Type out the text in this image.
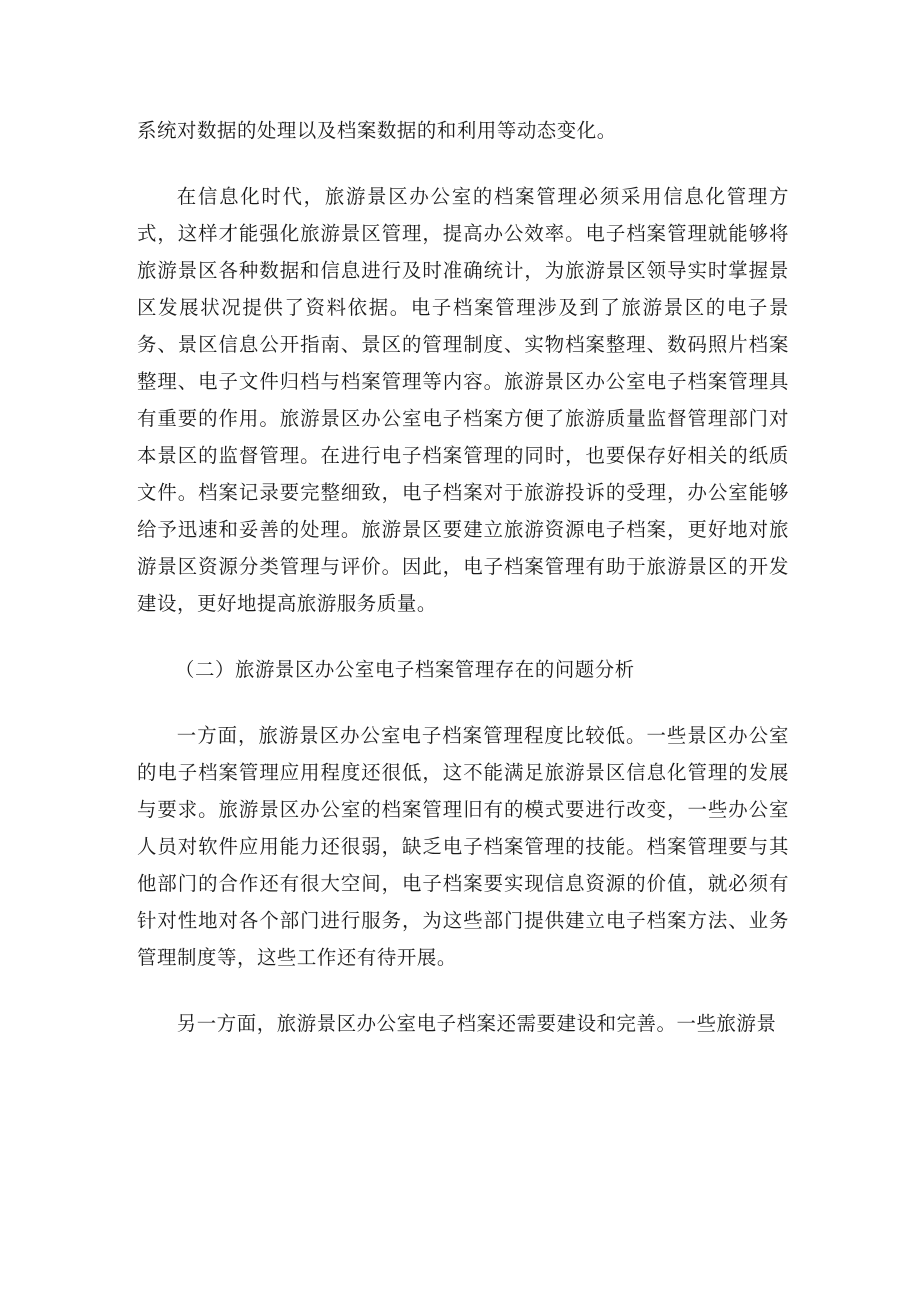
系统对数据的处理以及档案数据的和利用等动态变化。

在信息化时代，旅游景区办公室的档案管理必须采用信息化管理方式，这样才能强化旅游景区管理，提高办公效率。电子档案管理就能够将旅游景区各种数据和信息进行及时准确统计，为旅游景区领导实时掌握景区发展状况提供了资料依据。电子档案管理涉及到了旅游景区的电子景务、景区信息公开指南、景区的管理制度、实物档案整理、数码照片档案整理、电子文件归档与档案管理等内容。旅游景区办公室电子档案管理具有重要的作用。旅游景区办公室电子档案方便了旅游质量监督管理部门对本景区的监督管理。在进行电子档案管理的同时，也要保存好相关的纸质文件。档案记录要完整细致，电子档案对于旅游投诉的受理，办公室能够给予迅速和妥善的处理。旅游景区要建立旅游资源电子档案，更好地对旅游景区资源分类管理与评价。因此，电子档案管理有助于旅游景区的开发建设，更好地提高旅游服务质量。

（二）旅游景区办公室电子档案管理存在的问题分析

一方面，旅游景区办公室电子档案管理程度比较低。一些景区办公室的电子档案管理应用程度还很低，这不能满足旅游景区信息化管理的发展与要求。旅游景区办公室的档案管理旧有的模式要进行改变，一些办公室人员对软件应用能力还很弱，缺乏电子档案管理的技能。档案管理要与其他部门的合作还有很大空间，电子档案要实现信息资源的价值，就必须有针对性地对各个部门进行服务，为这些部门提供建立电子档案方法、业务管理制度等，这些工作还有待开展。

另一方面，旅游景区办公室电子档案还需要建设和完善。一些旅游景
